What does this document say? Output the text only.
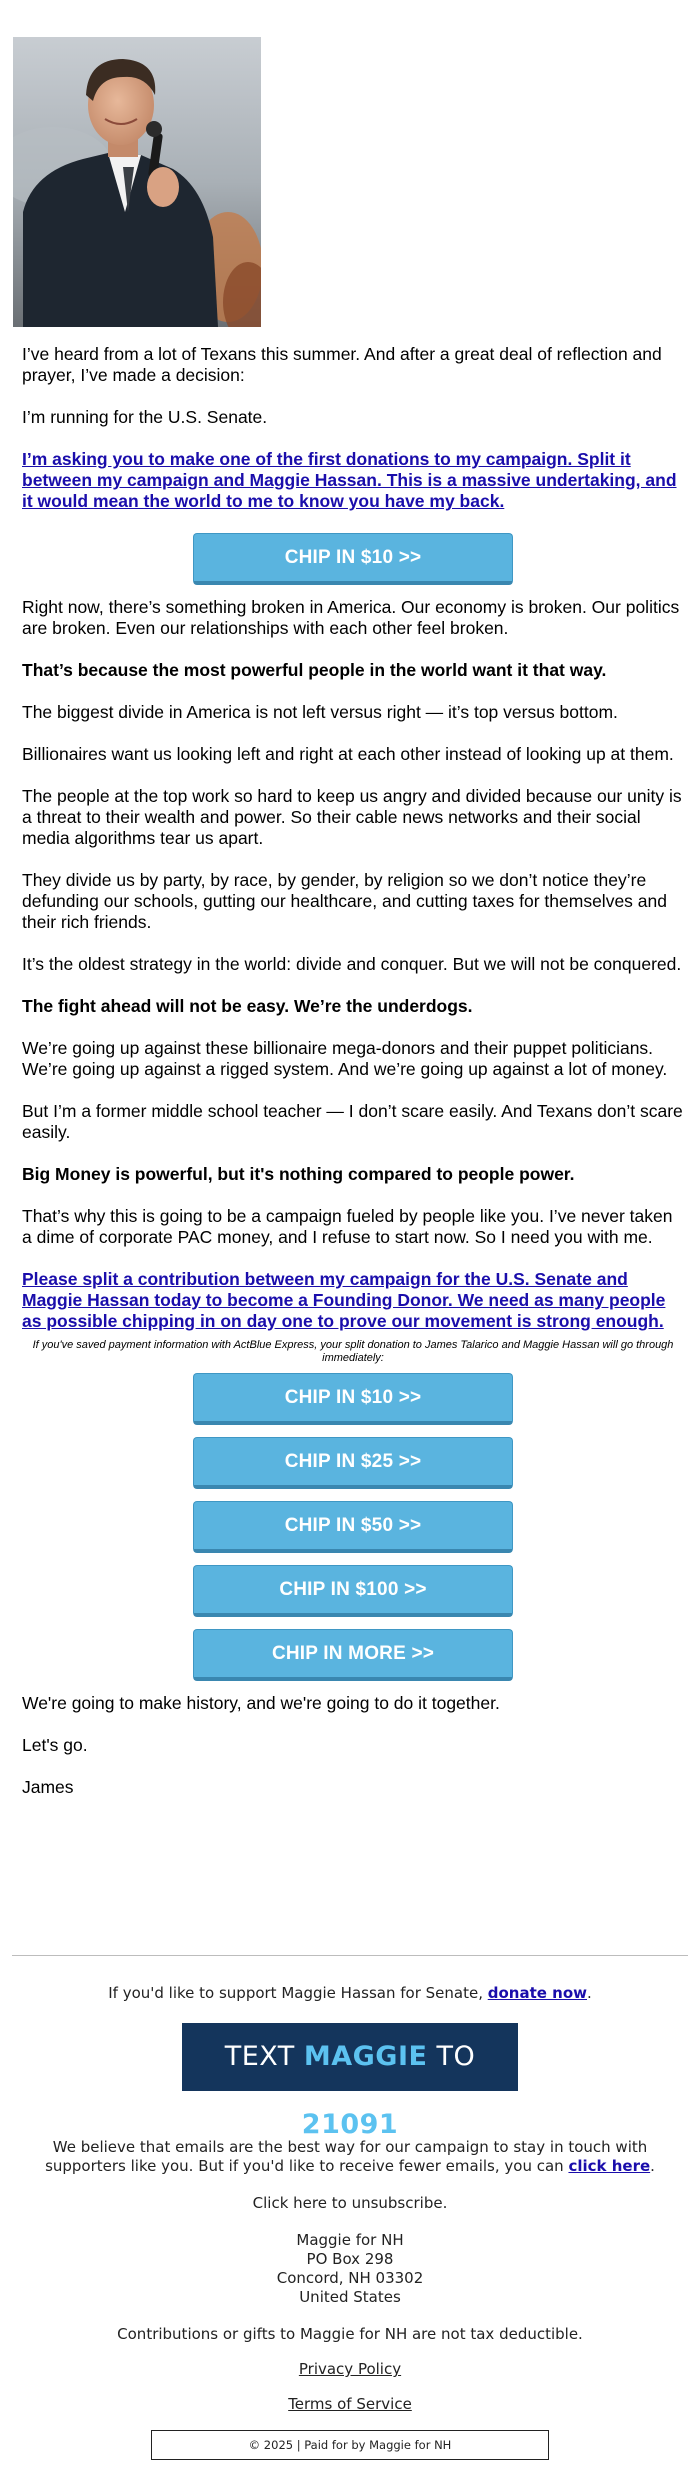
I’ve heard from a lot of Texans this summer. And after a great deal of reflection and prayer, I’ve made a decision:

I’m running for the U.S. Senate.

I’m asking you to make one of the first donations to my campaign. Split it between my campaign and Maggie Hassan. This is a massive undertaking, and it would mean the world to me to know you have my back.

CHIP IN $10 >>

Right now, there’s something broken in America. Our economy is broken. Our politics are broken. Even our relationships with each other feel broken.

That’s because the most powerful people in the world want it that way.

The biggest divide in America is not left versus right — it’s top versus bottom.

Billionaires want us looking left and right at each other instead of looking up at them.

The people at the top work so hard to keep us angry and divided because our unity is a threat to their wealth and power. So their cable news networks and their social media algorithms tear us apart.

They divide us by party, by race, by gender, by religion so we don’t notice they’re defunding our schools, gutting our healthcare, and cutting taxes for themselves and their rich friends.

It’s the oldest strategy in the world: divide and conquer. But we will not be conquered.

The fight ahead will not be easy. We’re the underdogs.

We’re going up against these billionaire mega-donors and their puppet politicians. We’re going up against a rigged system. And we’re going up against a lot of money.

But I’m a former middle school teacher — I don’t scare easily. And Texans don’t scare easily.

Big Money is powerful, but it's nothing compared to people power.

That’s why this is going to be a campaign fueled by people like you. I’ve never taken a dime of corporate PAC money, and I refuse to start now. So I need you with me.

Please split a contribution between my campaign for the U.S. Senate and Maggie Hassan today to become a Founding Donor. We need as many people as possible chipping in on day one to prove our movement is strong enough.

If you've saved payment information with ActBlue Express, your split donation to James Talarico and Maggie Hassan will go through immediately:
CHIP IN $10 >>
CHIP IN $25 >>
CHIP IN $50 >>
CHIP IN $100 >>
CHIP IN MORE >>

We're going to make history, and we're going to do it together.

Let's go.

James

If you'd like to support Maggie Hassan for Senate, donate now.
TEXT MAGGIE TO 21091
We believe that emails are the best way for our campaign to stay in touch with supporters like you. But if you'd like to receive fewer emails, you can click here.
Click here to unsubscribe.
Maggie for NH
PO Box 298
Concord, NH 03302
United States
Contributions or gifts to Maggie for NH are not tax deductible.
Privacy Policy
Terms of Service
© 2025 | Paid for by Maggie for NH
